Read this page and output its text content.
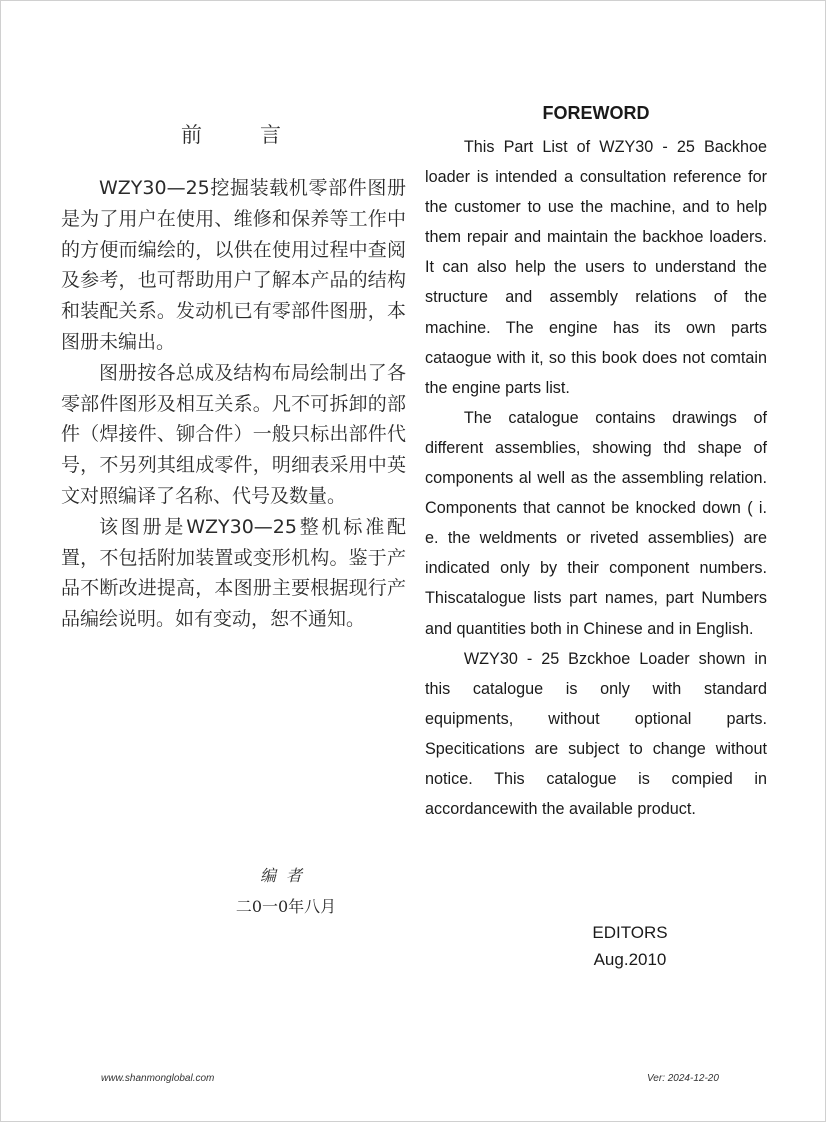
前	言

WZY30—25挖掘装载机零部件图册是为了用户在使用、维修和保养等工作中的方便而编绘的，以供在使用过程中查阅及参考，也可帮助用户了解本产品的结构和装配关系。发动机已有零部件图册，本图册未编出。

图册按各总成及结构布局绘制出了各零部件图形及相互关系。凡不可拆卸的部件（焊接件、铆合件）一般只标出部件代号，不另列其组成零件，明细表采用中英文对照编译了名称、代号及数量。

该图册是WZY30—25整机标准配置，不包括附加装置或变形机构。鉴于产品不断改进提高，本图册主要根据现行产品编绘说明。如有变动，恕不通知。

编者
二0一0年八月
FOREWORD

This Part List of WZY30 - 25 Backhoe loader is intended a consultation reference for the customer to use the machine, and to help them repair and maintain the backhoe loaders. It can also help the users to understand the structure and assembly relations of the machine. The engine has its own parts cataogue with it, so this book does not comtain the engine parts list.

The catalogue contains drawings of different assemblies, showing thd shape of components al well as the assembling relation. Components that cannot be knocked down ( i. e. the weldments or riveted assemblies) are indicated only by their component numbers. Thiscatalogue lists part names, part Numbers and quantities both in Chinese and in English.

WZY30 - 25 Bzckhoe Loader shown in this catalogue is only with standard equipments, without optional parts. Specitications are subject to change without notice. This catalogue is compied in accordancewith the available product.

EDITORS
Aug.2010
www.shanmonglobal.com	Ver: 2024-12-20
